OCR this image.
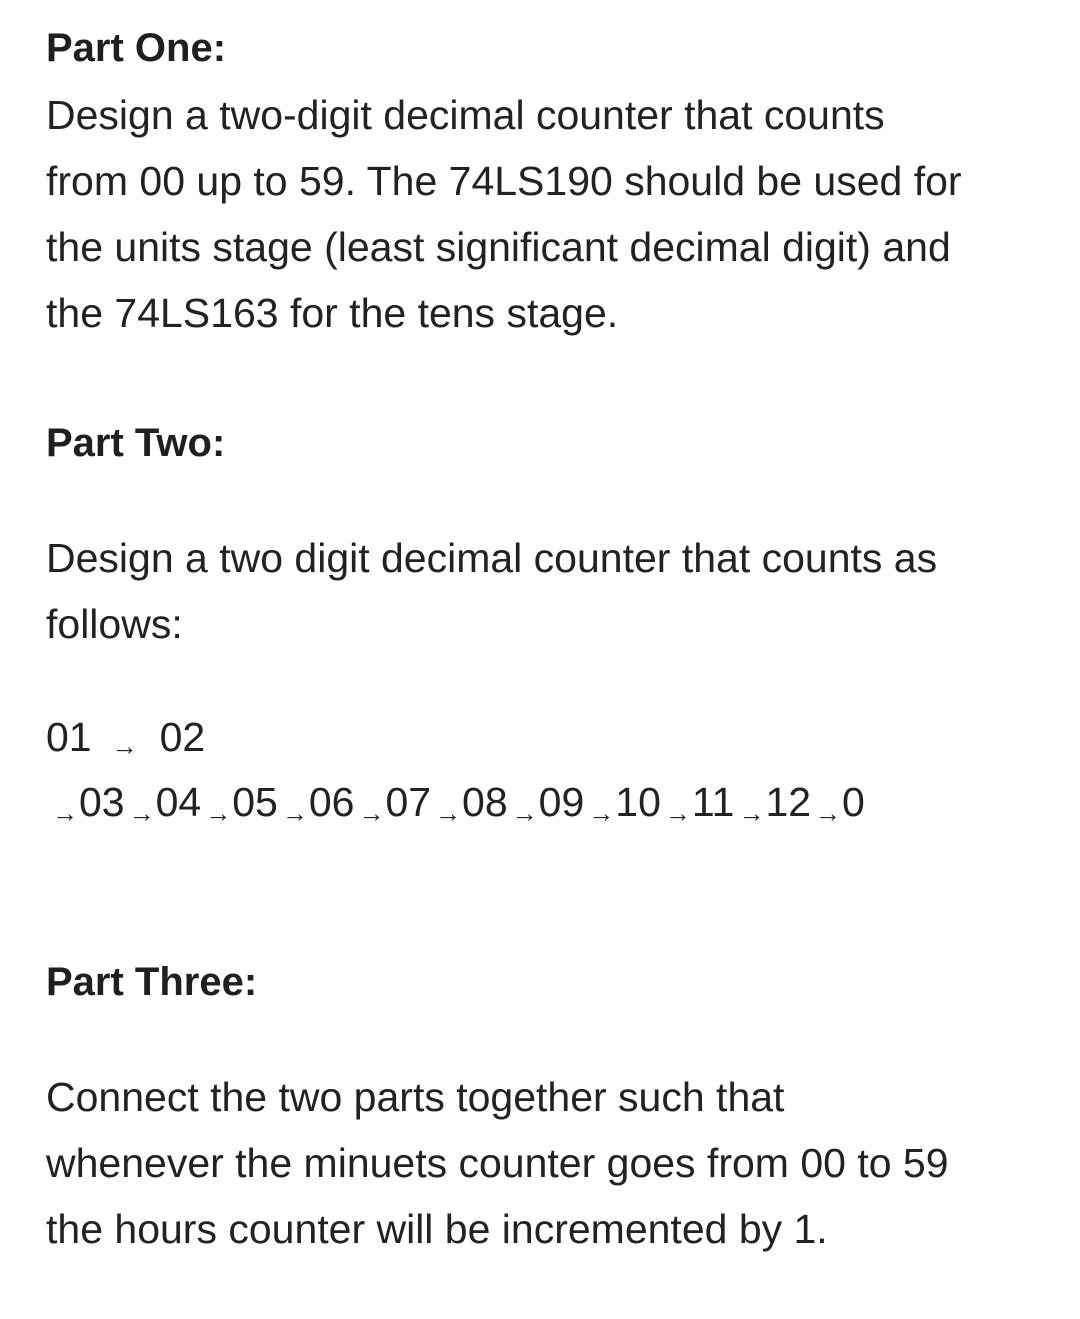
Part One:

Design a two-digit decimal counter that counts
from 00 up to 59. The 74LS190 should be used for
the units stage (least significant decimal digit) and
the 74LS163 for the tens stage.

Part Two:

Design a two digit decimal counter that counts as
follows:

01 → 02
→03 →04 →05 →06 →07 →08 →09 →10 →11 →12 →0
Part Three:

Connect the two parts together such that
whenever the minuets counter goes from 00 to 59
the hours counter will be incremented by 1.
